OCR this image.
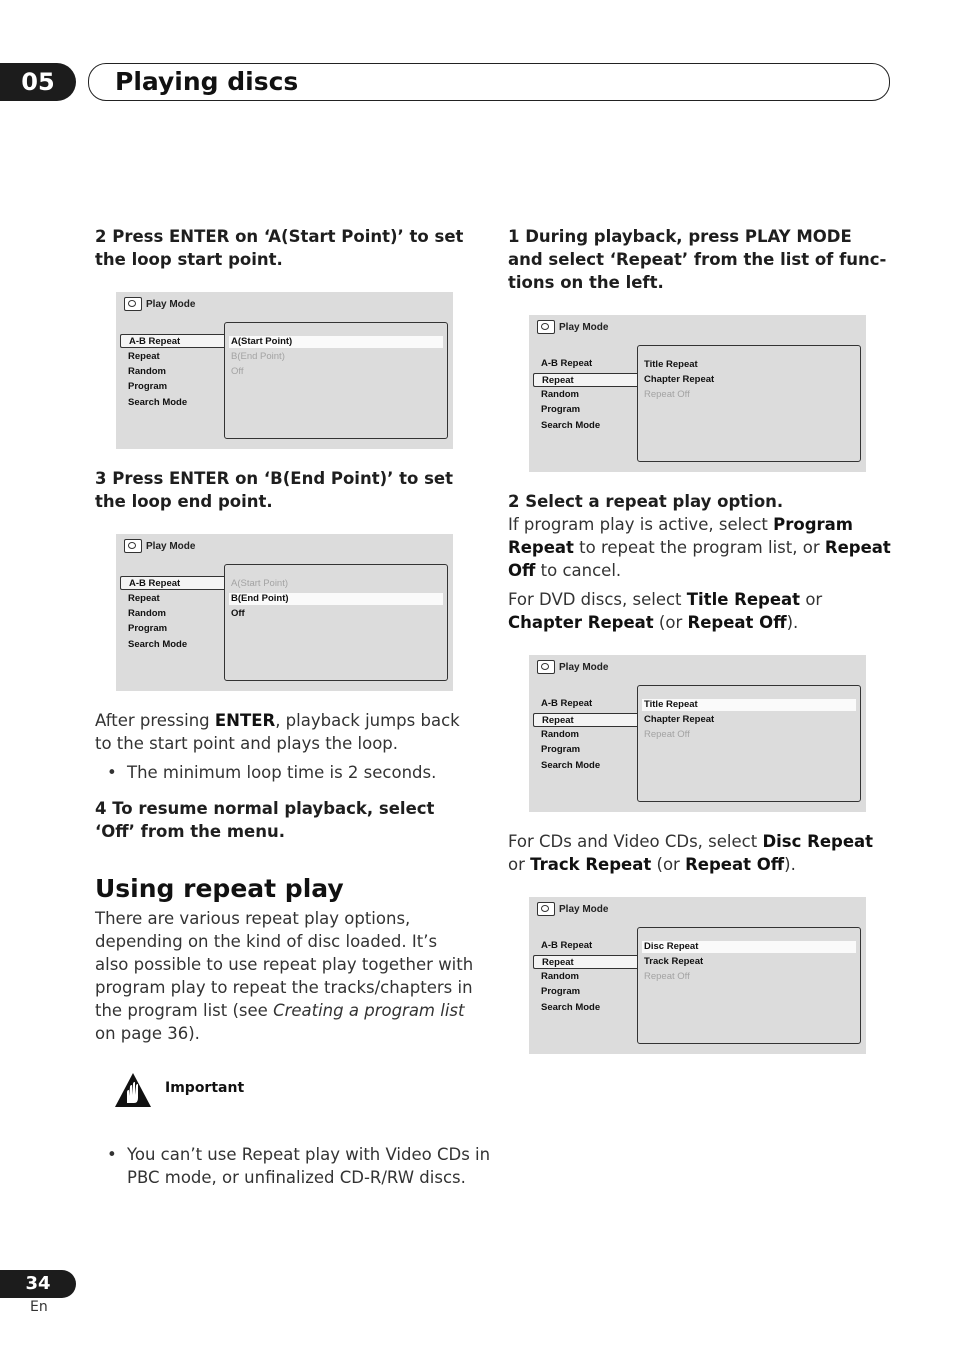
05	Playing discs
2 Press ENTER on ‘A(Start Point)’ to set the loop start point.
Play Mode
A(Start Point)
B(End Point)
Off
A-B Repeat
Repeat
Random
Program
Search Mode
3 Press ENTER on ‘B(End Point)’ to set the loop end point.
Play Mode
A(Start Point)
B(End Point)
Off
A-B Repeat
Repeat
Random
Program
Search Mode
After pressing ENTER, playback jumps back to the start point and plays the loop.
• The minimum loop time is 2 seconds.
4 To resume normal playback, select ‘Off’ from the menu.
Using repeat play
There are various repeat play options, depending on the kind of disc loaded. It’s also possible to use repeat play together with program play to repeat the tracks/chapters in the program list (see Creating a program list on page 36).
Important
• You can’t use Repeat play with Video CDs in PBC mode, or unfinalized CD-R/RW discs.
1 During playback, press PLAY MODE and select ‘Repeat’ from the list of func- tions on the left.
Play Mode
Title Repeat
Chapter Repeat
Repeat Off
A-B Repeat
Repeat
Random
Program
Search Mode
2 Select a repeat play option.
If program play is active, select Program Repeat to repeat the program list, or Repeat Off to cancel.
For DVD discs, select Title Repeat or Chapter Repeat (or Repeat Off).
Play Mode
Title Repeat
Chapter Repeat
Repeat Off
A-B Repeat
Repeat
Random
Program
Search Mode
For CDs and Video CDs, select Disc Repeat or Track Repeat (or Repeat Off).
Play Mode
Disc Repeat
Track Repeat
Repeat Off
A-B Repeat
Repeat
Random
Program
Search Mode
34
En
